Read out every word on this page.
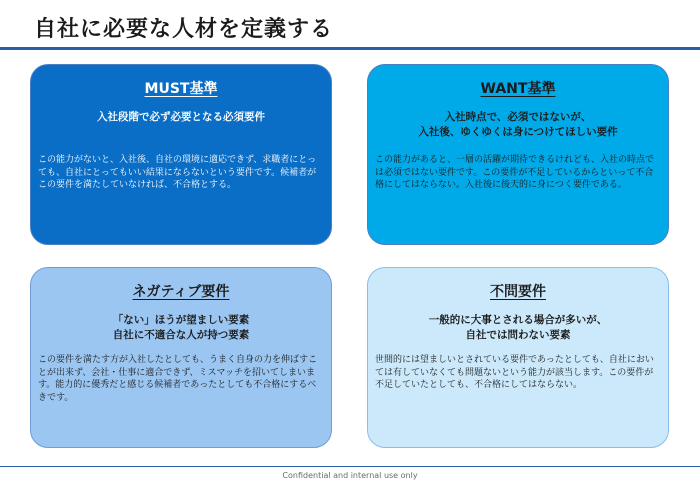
自社に必要な人材を定義する
MUST基準
入社段階で必ず必要となる必須要件
この能力がないと、入社後、自社の環境に適応できず、求職者にとっても、自社にとってもいい結果にならないという要件です。候補者がこの要件を満たしていなければ、不合格とする。
WANT基準
入社時点で、必須ではないが、
入社後、ゆくゆくは身につけてほしい要件
この能力があると、一層の活躍が期待できるけれども、入社の時点では必須ではない要件です。この要件が不足しているからといって不合格にしてはならない。入社後に後天的に身につく要件である。
ネガティブ要件
「ない」ほうが望ましい要素
自社に不適合な人が持つ要素
この要件を満たす方が入社したとしても、うまく自身の力を伸ばすことが出来ず、会社・仕事に適合できず、ミスマッチを招いてしまいます。能力的に優秀だと感じる候補者であったとしても不合格にするべきです。
不問要件
一般的に大事とされる場合が多いが、
自社では問わない要素
世間的には望ましいとされている要件であったとしても、自社においては有していなくても問題ないという能力が該当します。この要件が不足していたとしても、不合格にしてはならない。
Confidential and internal use only
